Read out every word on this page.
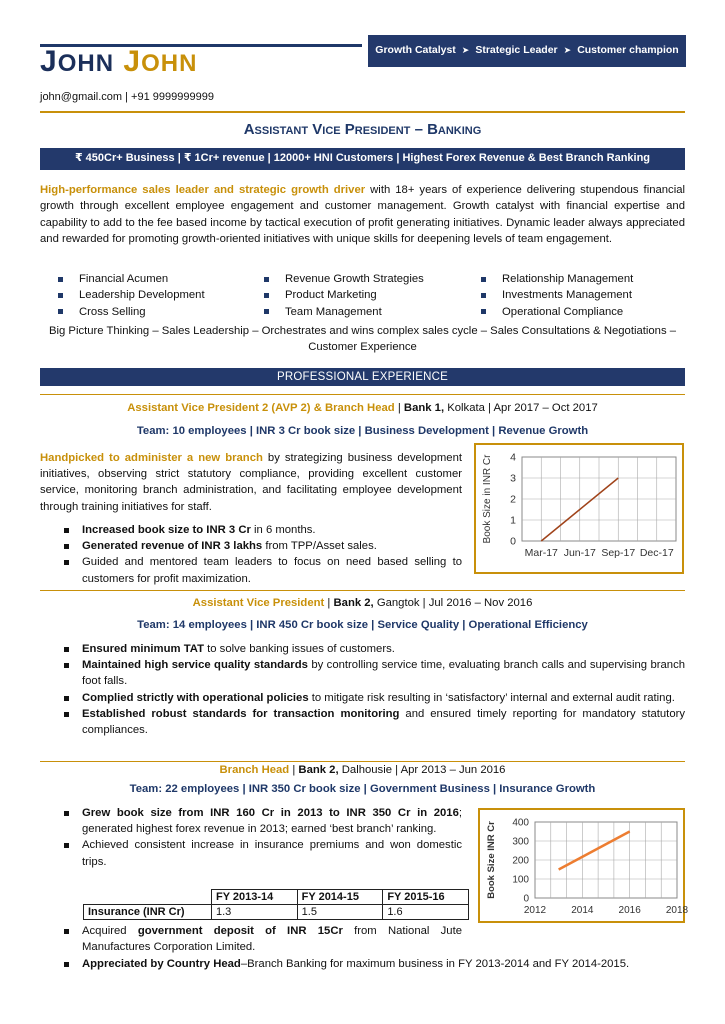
JOHN JOHN	Growth Catalyst ➤ Strategic Leader ➤ Customer champion
john@gmail.com | +91 9999999999
Assistant Vice President – Banking
₹ 450Cr+ Business | ₹ 1Cr+ revenue | 12000+ HNI Customers | Highest Forex Revenue & Best Branch Ranking
High-performance sales leader and strategic growth driver with 18+ years of experience delivering stupendous financial growth through excellent employee engagement and customer management. Growth catalyst with financial expertise and capability to add to the fee based income by tactical execution of profit generating initiatives. Dynamic leader always appreciated and rewarded for promoting growth-oriented initiatives with unique skills for deepening levels of team engagement.
Financial Acumen	Revenue Growth Strategies	Relationship Management
Leadership Development	Product Marketing	Investments Management
Cross Selling	Team Management	Operational Compliance
Big Picture Thinking – Sales Leadership – Orchestrates and wins complex sales cycle – Sales Consultations & Negotiations – Customer Experience
PROFESSIONAL EXPERIENCE
Assistant Vice President 2 (AVP 2) & Branch Head | Bank 1, Kolkata | Apr 2017 – Oct 2017
Team: 10 employees | INR 3 Cr book size | Business Development | Revenue Growth
Handpicked to administer a new branch by strategizing business development initiatives, observing strict statutory compliance, providing excellent customer service, monitoring branch administration, and facilitating employee development through training initiatives for staff.
Increased book size to INR 3 Cr in 6 months.
Generated revenue of INR 3 lakhs from TPP/Asset sales.
Guided and mentored team leaders to focus on need based selling to customers for profit maximization.
0
1
2
3
4
Mar-17 Jun-17 Sep-17 Dec-17
Book Size in INR Cr
Assistant Vice President | Bank 2, Gangtok | Jul 2016 – Nov 2016
Team: 14 employees | INR 450 Cr book size | Service Quality | Operational Efficiency
Ensured minimum TAT to solve banking issues of customers.
Maintained high service quality standards by controlling service time, evaluating branch calls and supervising branch foot falls.
Complied strictly with operational policies to mitigate risk resulting in ‘satisfactory’ internal and external audit rating.
Established robust standards for transaction monitoring and ensured timely reporting for mandatory statutory compliances.
Branch Head | Bank 2, Dalhousie | Apr 2013 – Jun 2016
Team: 22 employees | INR 350 Cr book size | Government Business | Insurance Growth
Grew book size from INR 160 Cr in 2013 to INR 350 Cr in 2016; generated highest forex revenue in 2013; earned ‘best branch’ ranking.
Achieved consistent increase in insurance premiums and won domestic trips.
	FY 2013-14	FY 2014-15	FY 2015-16
Insurance (INR Cr)	1.3	1.5	1.6
Acquired government deposit of INR 15Cr from National Jute Manufactures Corporation Limited.
Appreciated by Country Head–Branch Banking for maximum business in FY 2013-2014 and FY 2014-2015.
0
100
200
300
400
2012	2014	2016	2018
Book Size INR Cr
